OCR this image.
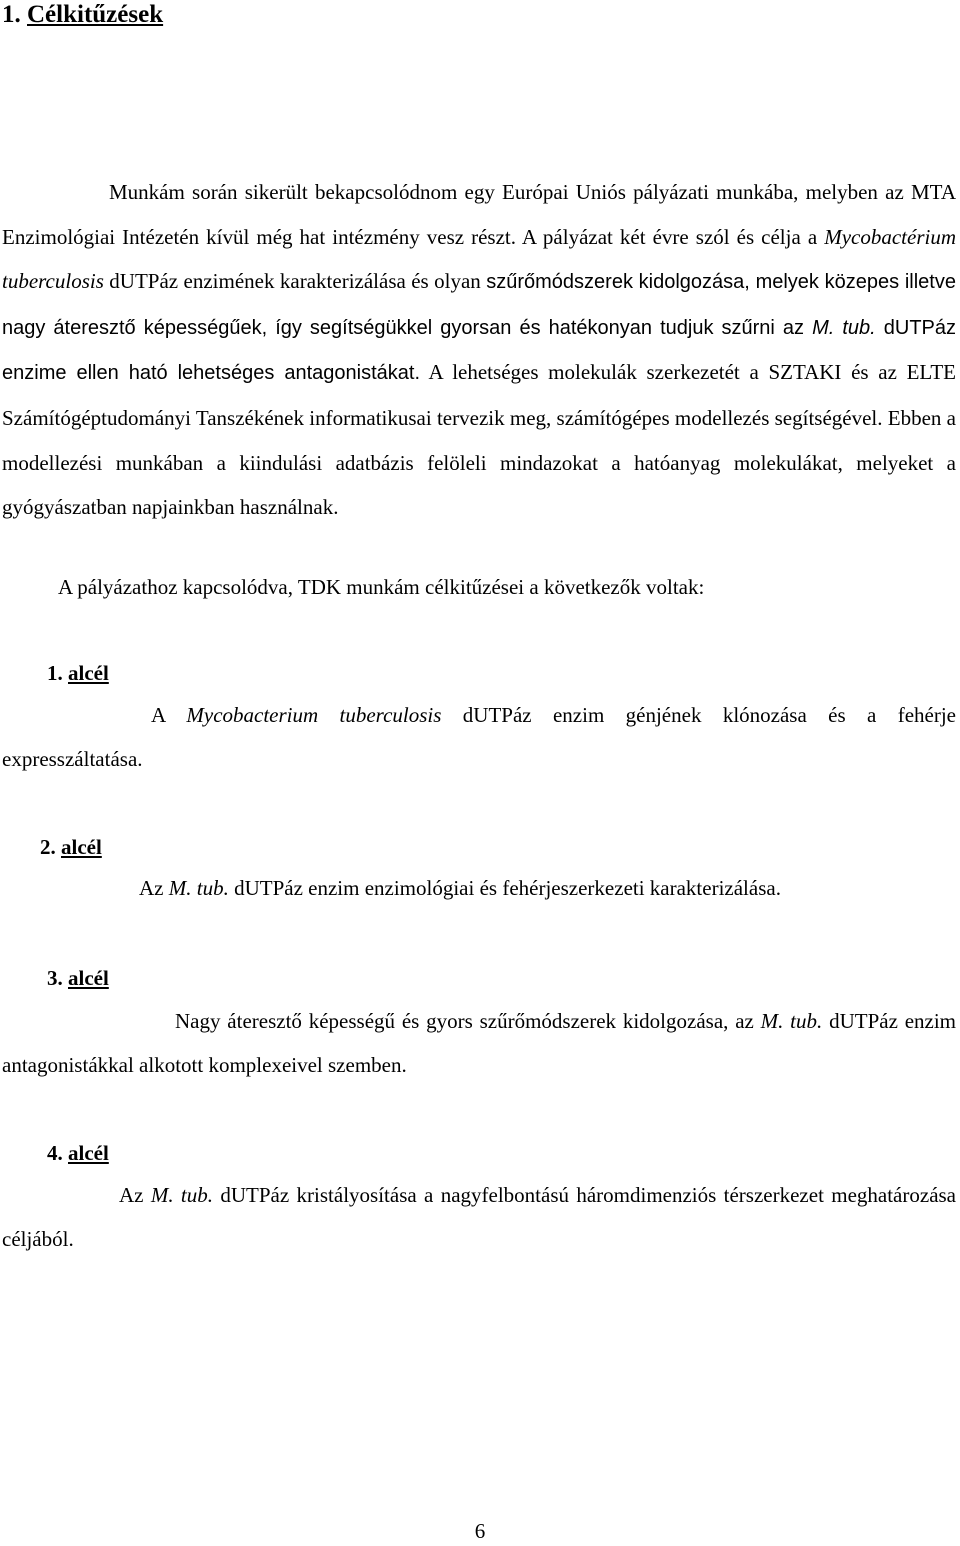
1. Célkitűzések

Munkám során sikerült bekapcsolódnom egy Európai Uniós pályázati munkába, melyben az MTA Enzimológiai Intézetén kívül még hat intézmény vesz részt. A pályázat két évre szól és célja a Mycobactérium tuberculosis dUTPáz enzimének karakterizálása és olyan szűrőmódszerek kidolgozása, melyek közepes illetve nagy áteresztő képességűek, így segítségükkel gyorsan és hatékonyan tudjuk szűrni az M. tub. dUTPáz enzime ellen ható lehetséges antagonistákat. A lehetséges molekulák szerkezetét a SZTAKI és az ELTE Számítógéptudományi Tanszékének informatikusai tervezik meg, számítógépes modellezés segítségével. Ebben a modellezési munkában a kiindulási adatbázis felöleli mindazokat a hatóanyag molekulákat, melyeket a gyógyászatban napjainkban használnak.

A pályázathoz kapcsolódva, TDK munkám célkitűzései a következők voltak:

1. alcél

A Mycobacterium tuberculosis dUTPáz enzim génjének klónozása és a fehérje expresszáltatása.

2. alcél

Az M. tub. dUTPáz enzim enzimológiai és fehérjeszerkezeti karakterizálása.

3. alcél

Nagy áteresztő képességű és gyors szűrőmódszerek kidolgozása, az M. tub. dUTPáz enzim antagonistákkal alkotott komplexeivel szemben.

4. alcél

Az M. tub. dUTPáz kristályosítása a nagyfelbontású háromdimenziós térszerkezet meghatározása céljából.

6
